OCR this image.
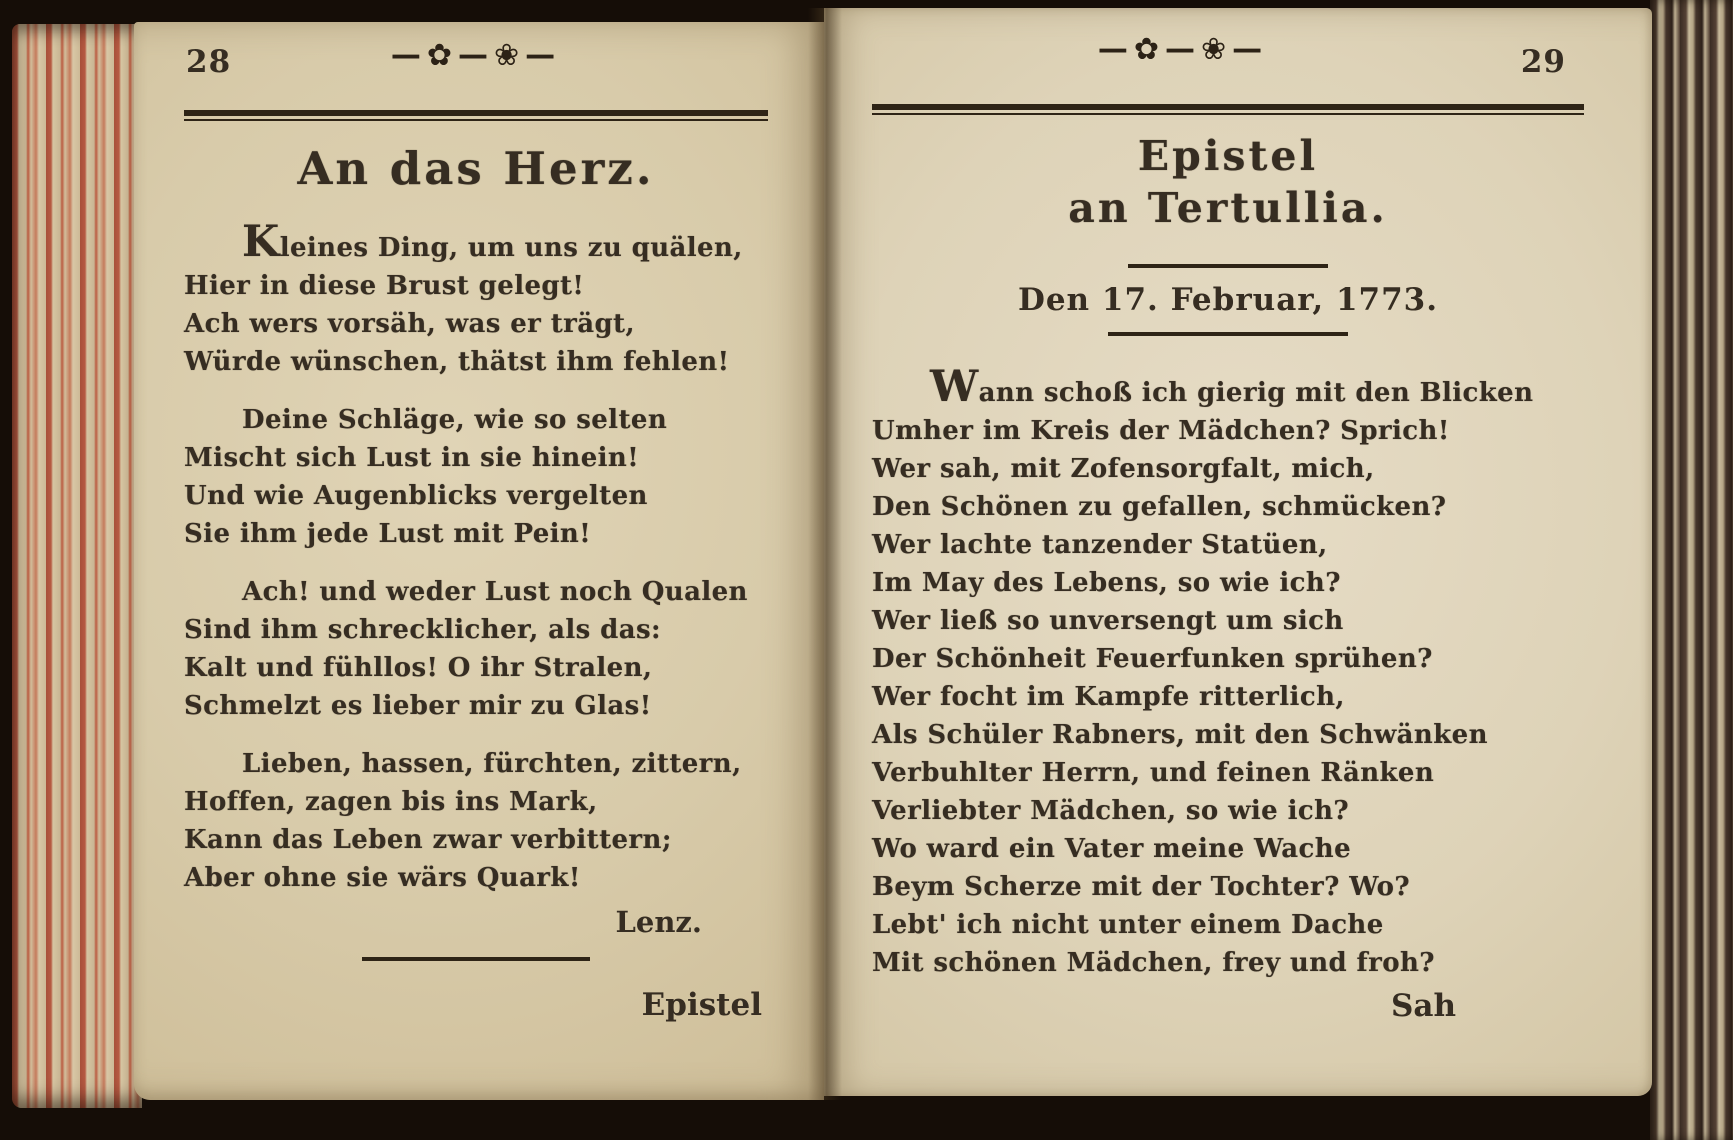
28	—✿—❀—
An das Herz.
Kleines Ding, um uns zu quälen,
Hier in diese Brust gelegt!
Ach wers vorsäh, was er trägt,
Würde wünschen, thätst ihm fehlen!
Deine Schläge, wie so selten
Mischt sich Lust in sie hinein!
Und wie Augenblicks vergelten
Sie ihm jede Lust mit Pein!
Ach! und weder Lust noch Qualen
Sind ihm schrecklicher, als das:
Kalt und fühllos! O ihr Stralen,
Schmelzt es lieber mir zu Glas!
Lieben, hassen, fürchten, zittern,
Hoffen, zagen bis ins Mark,
Kann das Leben zwar verbittern;
Aber ohne sie wärs Quark!
Lenz.
Epistel
—✿—❀—	29
Epistel
an Tertullia.
Den 17. Februar, 1773.
Wann schoß ich gierig mit den Blicken
Umher im Kreis der Mädchen? Sprich!
Wer sah, mit Zofensorgfalt, mich,
Den Schönen zu gefallen, schmücken?
Wer lachte tanzender Statüen,
Im May des Lebens, so wie ich?
Wer ließ so unversengt um sich
Der Schönheit Feuerfunken sprühen?
Wer focht im Kampfe ritterlich,
Als Schüler Rabners, mit den Schwänken
Verbuhlter Herrn, und feinen Ränken
Verliebter Mädchen, so wie ich?
Wo ward ein Vater meine Wache
Beym Scherze mit der Tochter? Wo?
Lebt' ich nicht unter einem Dache
Mit schönen Mädchen, frey und froh?
Sah
